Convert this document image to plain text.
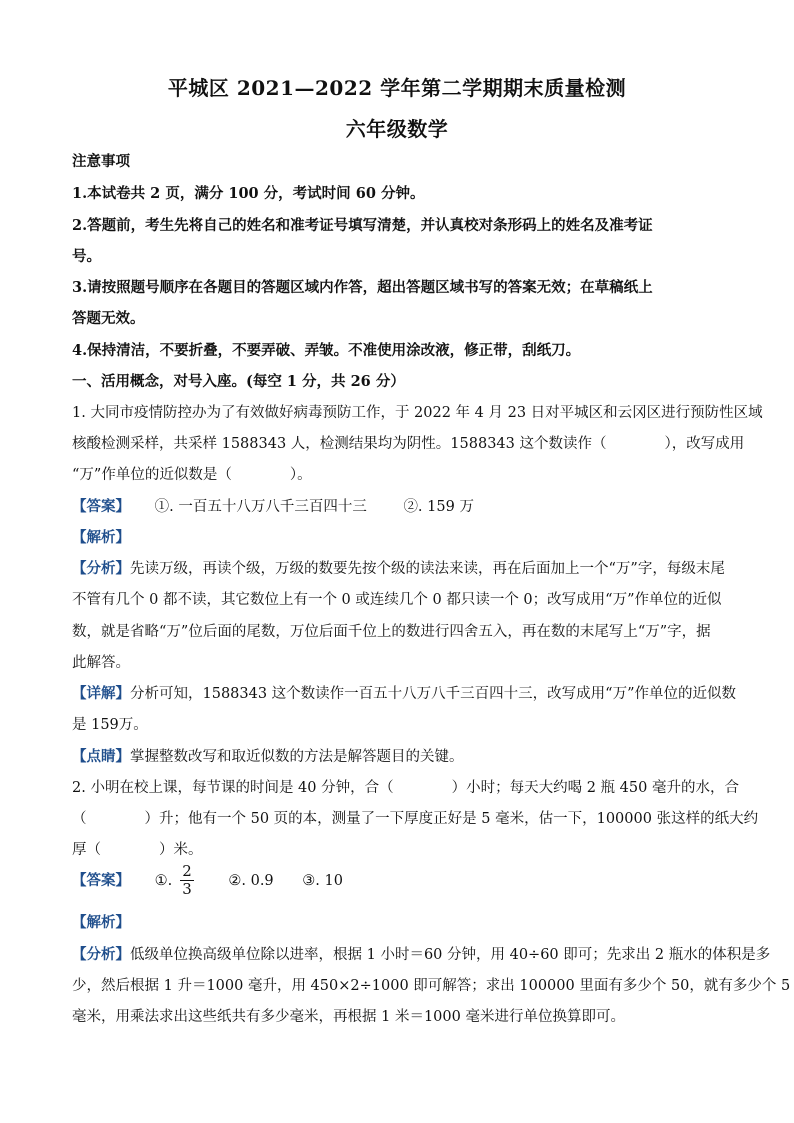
平城区 2021—2022 学年第二学期期末质量检测
六年级数学
注意事项
1.本试卷共 2 页，满分 100 分，考试时间 60 分钟。
2.答题前，考生先将自己的姓名和准考证号填写清楚，并认真校对条形码上的姓名及准考证
号。
3.请按照题号顺序在各题目的答题区域内作答，超出答题区域书写的答案无效；在草稿纸上
答题无效。
4.保持清洁，不要折叠，不要弄破、弄皱。不准使用涂改液，修正带，刮纸刀。
一、活用概念，对号入座。(每空 1 分，共 26 分）
1. 大同市疫情防控办为了有效做好病毒预防工作，于 2022 年 4 月 23 日对平城区和云冈区进行预防性区域
核酸检测采样，共采样 1588343 人，检测结果均为阴性。1588343 这个数读作（　　　　），改写成用
“万”作单位的近似数是（　　　　）。
【答案】 ①. 一百五十八万八千三百四十三	②. 159 万
【解析】
【分析】先读万级，再读个级，万级的数要先按个级的读法来读，再在后面加上一个“万”字，每级末尾
不管有几个 0 都不读，其它数位上有一个 0 或连续几个 0 都只读一个 0；改写成用“万”作单位的近似
数，就是省略“万”位后面的尾数，万位后面千位上的数进行四舍五入，再在数的末尾写上“万”字，据
此解答。
【详解】分析可知，1588343 这个数读作一百五十八万八千三百四十三，改写成用“万”作单位的近似数
是 159万。
【点睛】掌握整数改写和取近似数的方法是解答题目的关键。
2. 小明在校上课，每节课的时间是 40 分钟，合（　　　　）小时；每天大约喝 2 瓶 450 毫升的水，合
（　　　　）升；他有一个 50 页的本，测量了一下厚度正好是 5 毫米，估一下，100000 张这样的纸大约
厚（　　　　）米。
【答案】 ①. $\frac{2}{3}$ ②. 0.9 ③. 10
【解析】
【分析】低级单位换高级单位除以进率，根据 1 小时＝60 分钟，用 40÷60 即可；先求出 2 瓶水的体积是多
少，然后根据 1 升＝1000 毫升，用 450×2÷1000 即可解答；求出 100000 里面有多少个 50，就有多少个 5
毫米，用乘法求出这些纸共有多少毫米，再根据 1 米＝1000 毫米进行单位换算即可。
